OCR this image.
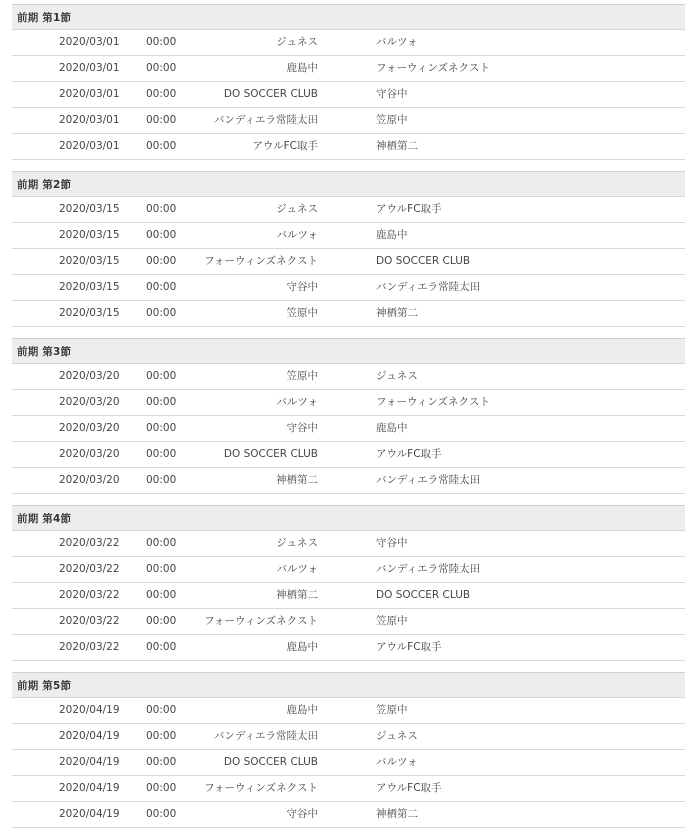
前期 第1節
2020/03/01	00:00	ジュネス	バルツォ
2020/03/01	00:00	鹿島中	フォーウィンズネクスト
2020/03/01	00:00	DO SOCCER CLUB	守谷中
2020/03/01	00:00	バンディエラ常陸太田	笠原中
2020/03/01	00:00	アウルFC取手	神栖第二
前期 第2節
2020/03/15	00:00	ジュネス	アウルFC取手
2020/03/15	00:00	バルツォ	鹿島中
2020/03/15	00:00	フォーウィンズネクスト	DO SOCCER CLUB
2020/03/15	00:00	守谷中	バンディエラ常陸太田
2020/03/15	00:00	笠原中	神栖第二
前期 第3節
2020/03/20	00:00	笠原中	ジュネス
2020/03/20	00:00	バルツォ	フォーウィンズネクスト
2020/03/20	00:00	守谷中	鹿島中
2020/03/20	00:00	DO SOCCER CLUB	アウルFC取手
2020/03/20	00:00	神栖第二	バンディエラ常陸太田
前期 第4節
2020/03/22	00:00	ジュネス	守谷中
2020/03/22	00:00	バルツォ	バンディエラ常陸太田
2020/03/22	00:00	神栖第二	DO SOCCER CLUB
2020/03/22	00:00	フォーウィンズネクスト	笠原中
2020/03/22	00:00	鹿島中	アウルFC取手
前期 第5節
2020/04/19	00:00	鹿島中	笠原中
2020/04/19	00:00	バンディエラ常陸太田	ジュネス
2020/04/19	00:00	DO SOCCER CLUB	バルツォ
2020/04/19	00:00	フォーウィンズネクスト	アウルFC取手
2020/04/19	00:00	守谷中	神栖第二
